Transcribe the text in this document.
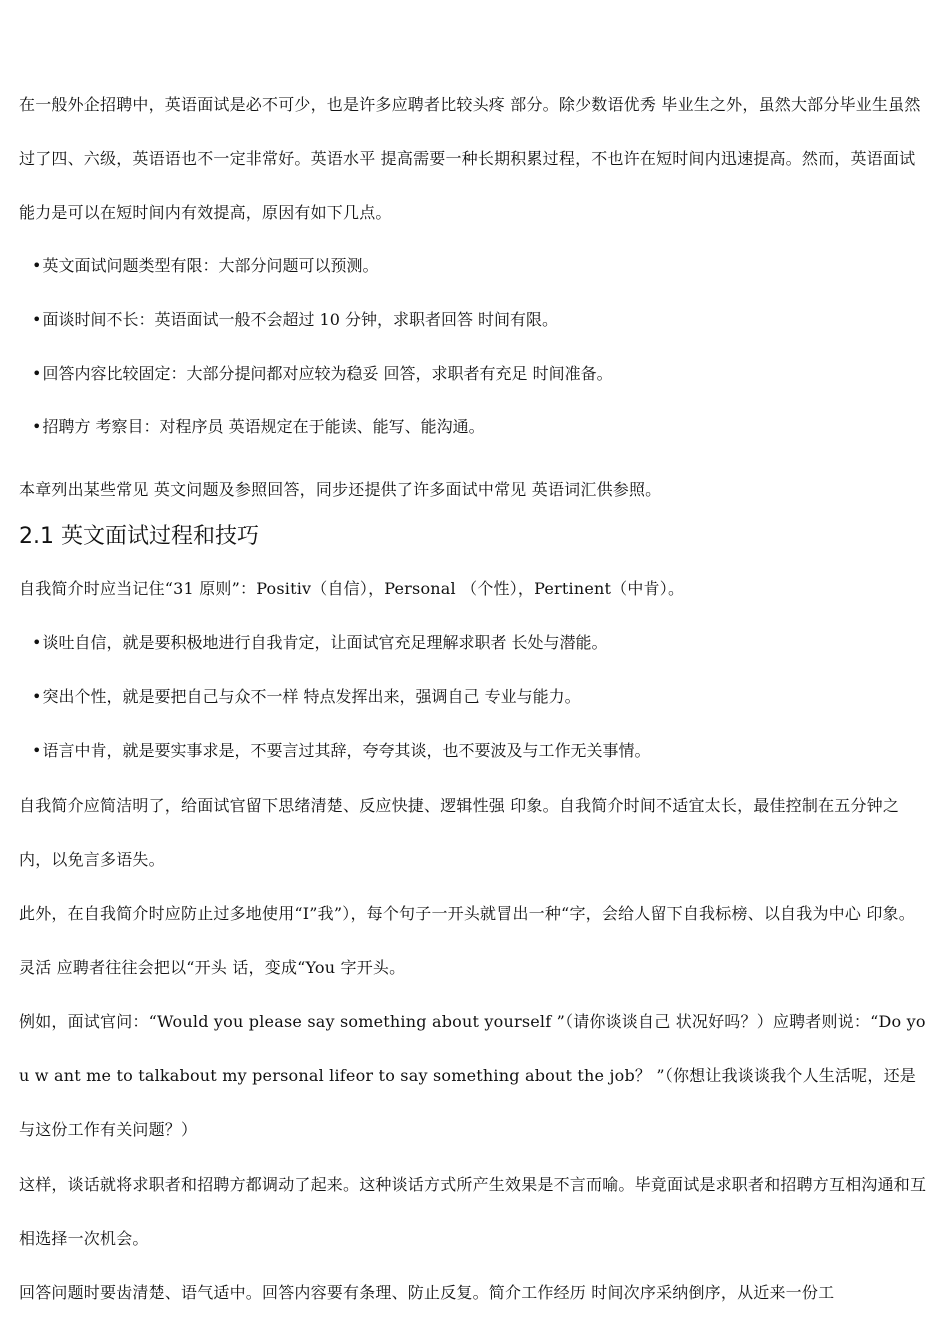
在一般外企招聘中，英语面试是必不可少，也是许多应聘者比较头疼 部分。除少数语优秀 毕业生之外，虽然大部分毕业生虽然过了四、六级，英语语也不一定非常好。英语水平 提高需要一种长期积累过程，不也许在短时间内迅速提高。然而，英语面试能力是可以在短时间内有效提高，原因有如下几点。

•英文面试问题类型有限：大部分问题可以预测。
•面谈时间不长：英语面试一般不会超过 10 分钟，求职者回答 时间有限。
•回答内容比较固定：大部分提问都对应较为稳妥 回答，求职者有充足 时间准备。
•招聘方 考察目：对程序员 英语规定在于能读、能写、能沟通。

本章列出某些常见 英文问题及参照回答，同步还提供了许多面试中常见 英语词汇供参照。

2.1 英文面试过程和技巧

自我简介时应当记住“31 原则”：Positiv（自信），Personal （个性），Pertinent（中肯）。

•谈吐自信，就是要积极地进行自我肯定，让面试官充足理解求职者 长处与潜能。
•突出个性，就是要把自己与众不一样 特点发挥出来，强调自己 专业与能力。
•语言中肯，就是要实事求是，不要言过其辞，夸夸其谈，也不要波及与工作无关事情。

自我简介应简洁明了，给面试官留下思绪清楚、反应快捷、逻辑性强 印象。自我简介时间不适宜太长，最佳控制在五分钟之内，以免言多语失。

此外，在自我简介时应防止过多地使用“I”我”），每个句子一开头就冒出一种“字，会给人留下自我标榜、以自我为中心 印象。灵活 应聘者往往会把以“开头 话，变成“You 字开头。

例如，面试官问：“Would you please say something about yourself ”（请你谈谈自己 状况好吗？）应聘者则说：“Do you w ant me to talkabout my personal lifeor to say something about the job？ ”（你想让我谈谈我个人生活呢，还是与这份工作有关问题？）

这样，谈话就将求职者和招聘方都调动了起来。这种谈话方式所产生效果是不言而喻。毕竟面试是求职者和招聘方互相沟通和互相选择一次机会。

回答问题时要齿清楚、语气适中。回答内容要有条理、防止反复。简介工作经历 时间次序采纳倒序，从近来一份工
